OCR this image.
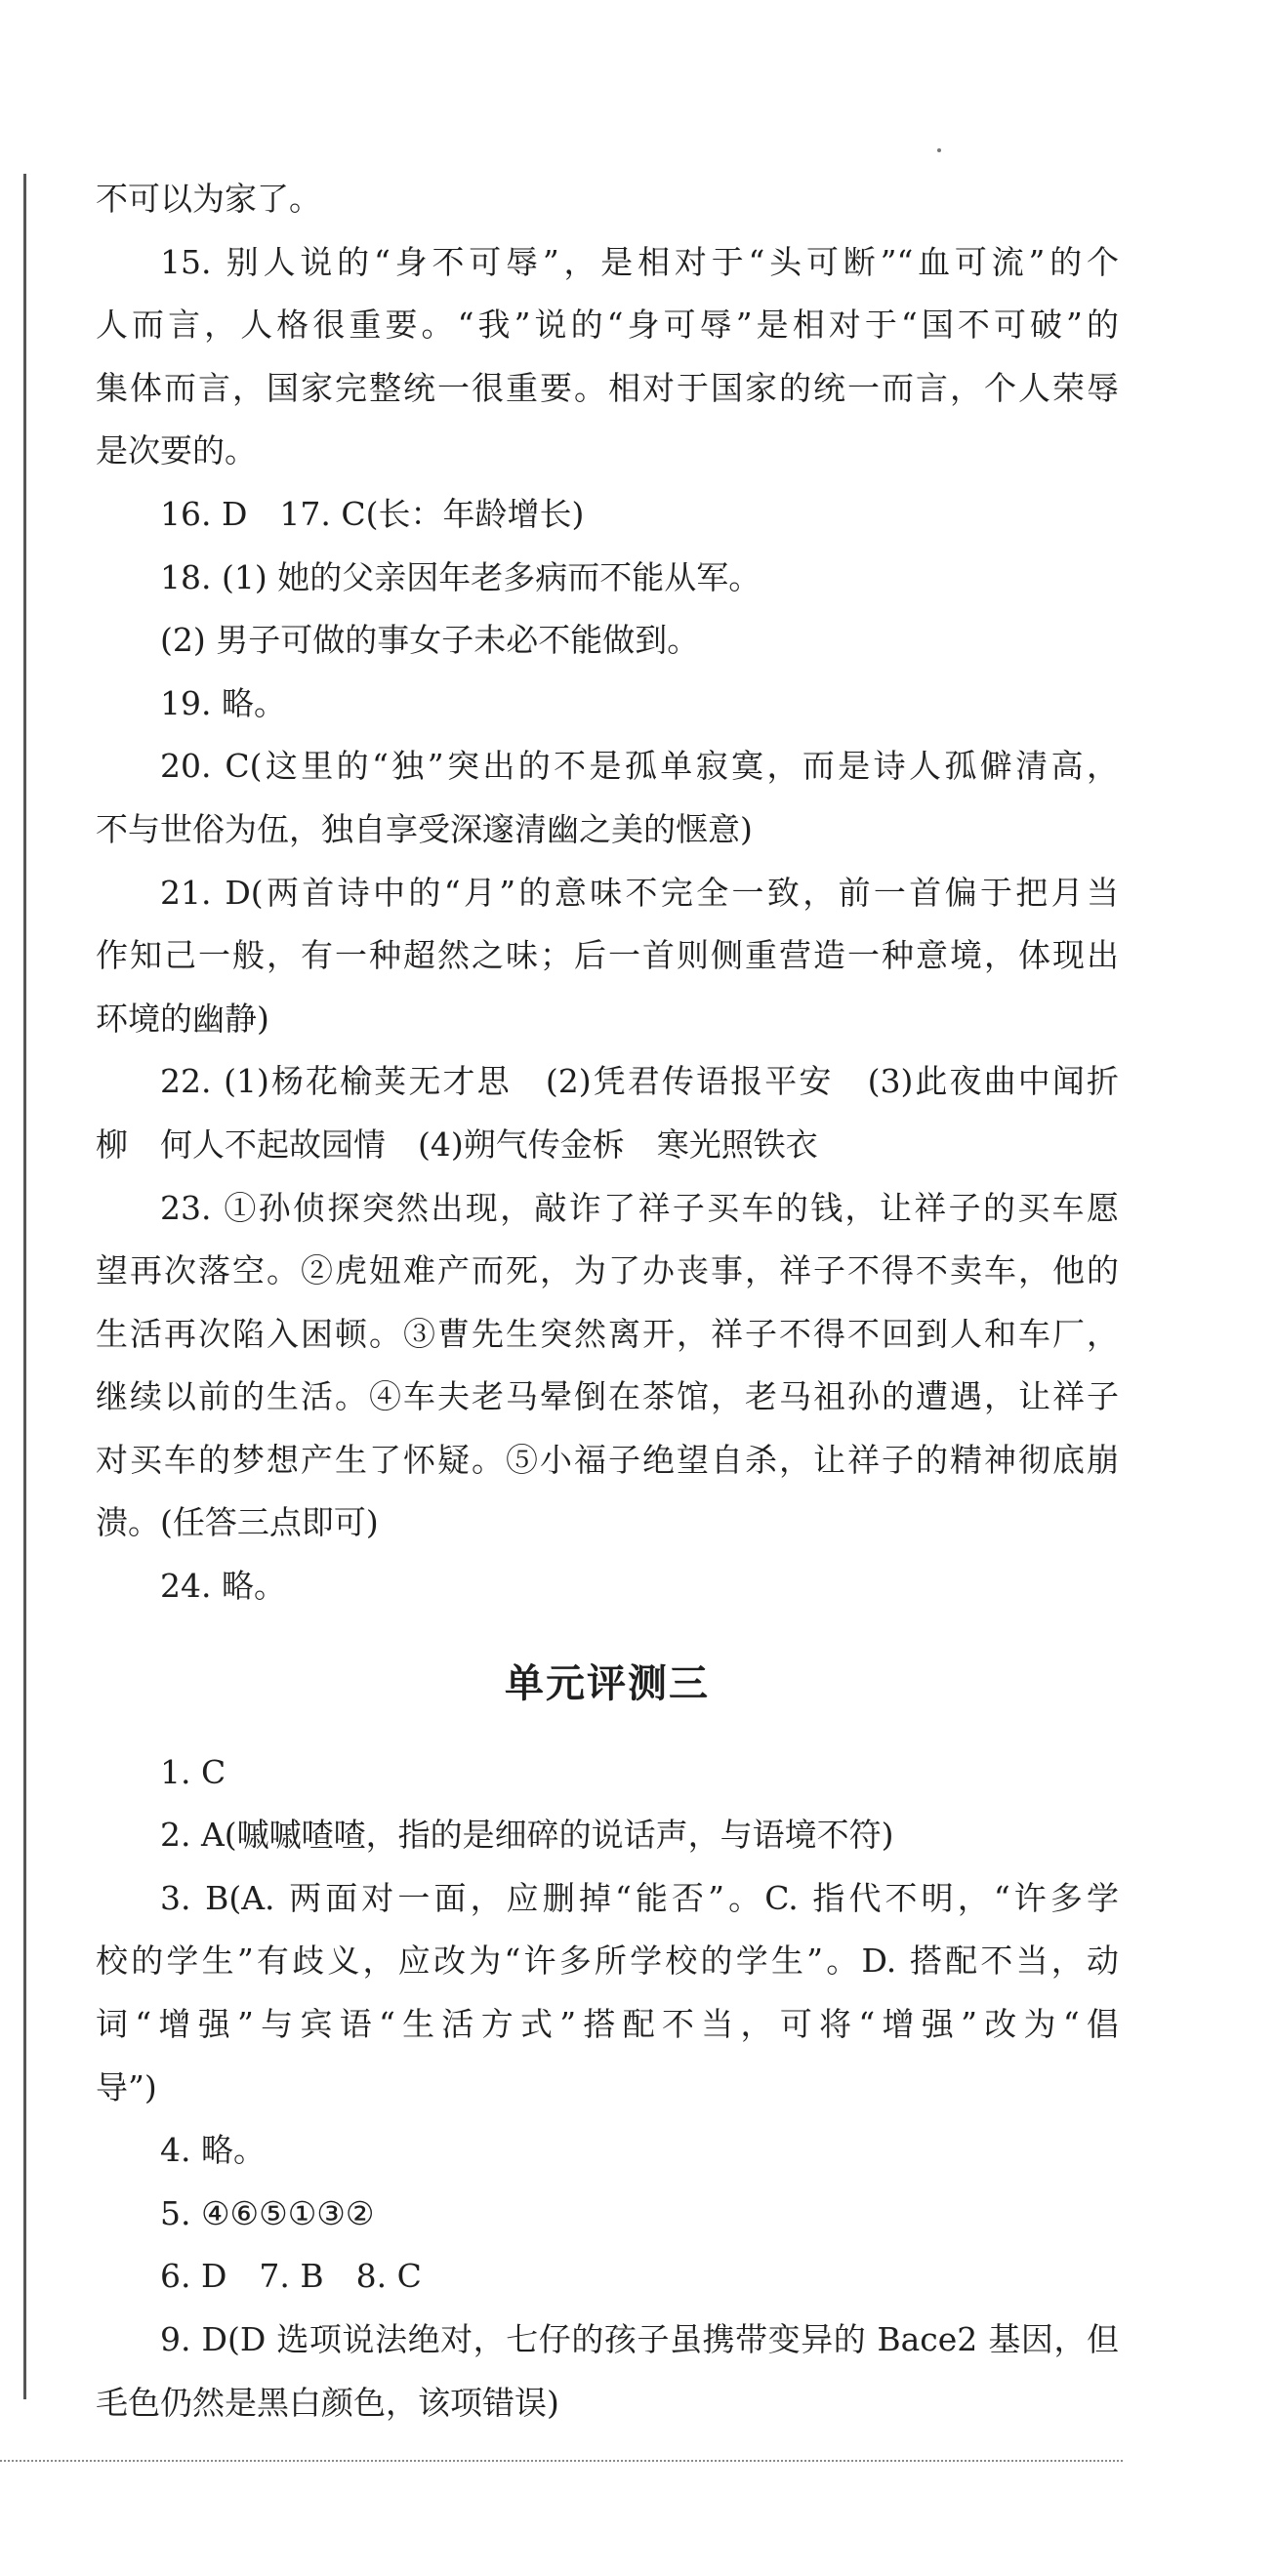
不可以为家了。
15. 别人说的“身不可辱”，是相对于“头可断”“血可流”的个
人而言，人格很重要。“我”说的“身可辱”是相对于“国不可破”的
集体而言，国家完整统一很重要。相对于国家的统一而言，个人荣辱
是次要的。
16. D　17. C(长：年龄增长)
18. (1) 她的父亲因年老多病而不能从军。
(2) 男子可做的事女子未必不能做到。
19. 略。
20. C(这里的“独”突出的不是孤单寂寞，而是诗人孤僻清高，
不与世俗为伍，独自享受深邃清幽之美的惬意)
21. D(两首诗中的“月”的意味不完全一致，前一首偏于把月当
作知己一般，有一种超然之味；后一首则侧重营造一种意境，体现出
环境的幽静)
22. (1)杨花榆荚无才思　(2)凭君传语报平安　(3)此夜曲中闻折
柳　何人不起故园情　(4)朔气传金柝　寒光照铁衣
23. ①孙侦探突然出现，敲诈了祥子买车的钱，让祥子的买车愿
望再次落空。②虎妞难产而死，为了办丧事，祥子不得不卖车，他的
生活再次陷入困顿。③曹先生突然离开，祥子不得不回到人和车厂，
继续以前的生活。④车夫老马晕倒在茶馆，老马祖孙的遭遇，让祥子
对买车的梦想产生了怀疑。⑤小福子绝望自杀，让祥子的精神彻底崩
溃。(任答三点即可)
24. 略。
单元评测三
1. C
2. A(嘁嘁喳喳，指的是细碎的说话声，与语境不符)
3. B(A. 两面对一面，应删掉“能否”。C. 指代不明，“许多学
校的学生”有歧义，应改为“许多所学校的学生”。D. 搭配不当，动
词“增强”与宾语“生活方式”搭配不当，可将“增强”改为“倡
导”)
4. 略。
5. ④⑥⑤①③②
6. D　7. B　8. C
9. D(D 选项说法绝对，七仔的孩子虽携带变异的 Bace2 基因，但
毛色仍然是黑白颜色，该项错误)
